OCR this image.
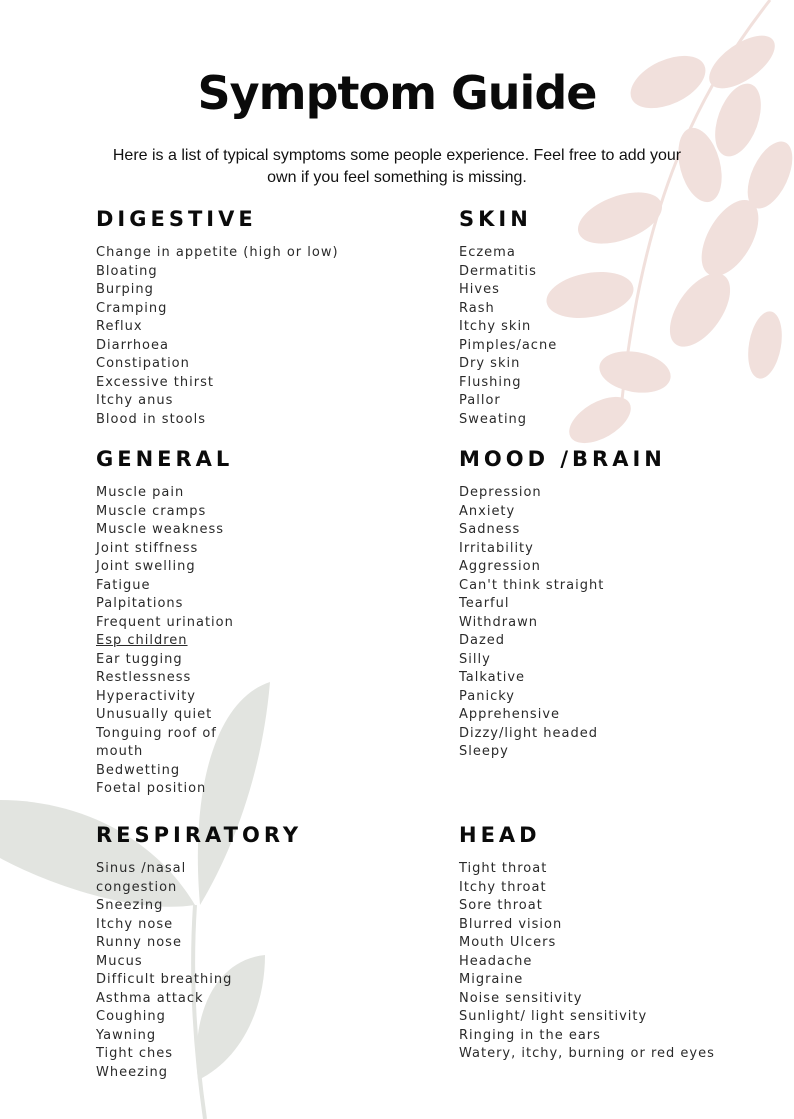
Symptom Guide

Here is a list of typical symptoms some people experience. Feel free to add your own if you feel something is missing.

DIGESTIVE
Change in appetite (high or low)
Bloating
Burping
Cramping
Reflux
Diarrhoea
Constipation
Excessive thirst
Itchy anus
Blood in stools
SKIN
Eczema
Dermatitis
Hives
Rash
Itchy skin
Pimples/acne
Dry skin
Flushing
Pallor
Sweating
GENERAL
Muscle pain
Muscle cramps
Muscle weakness
Joint stiffness
Joint swelling
Fatigue
Palpitations
Frequent urination
Esp children
Ear tugging
Restlessness
Hyperactivity
Unusually quiet
Tonguing roof of
mouth
Bedwetting
Foetal position
MOOD /BRAIN
Depression
Anxiety
Sadness
Irritability
Aggression
Can't think straight
Tearful
Withdrawn
Dazed
Silly
Talkative
Panicky
Apprehensive
Dizzy/light headed
Sleepy
RESPIRATORY
Sinus /nasal
congestion
Sneezing
Itchy nose
Runny nose
Mucus
Difficult breathing
Asthma attack
Coughing
Yawning
Tight ches
Wheezing
HEAD
Tight throat
Itchy throat
Sore throat
Blurred vision
Mouth Ulcers
Headache
Migraine
Noise sensitivity
Sunlight/ light sensitivity
Ringing in the ears
Watery, itchy, burning or red eyes
